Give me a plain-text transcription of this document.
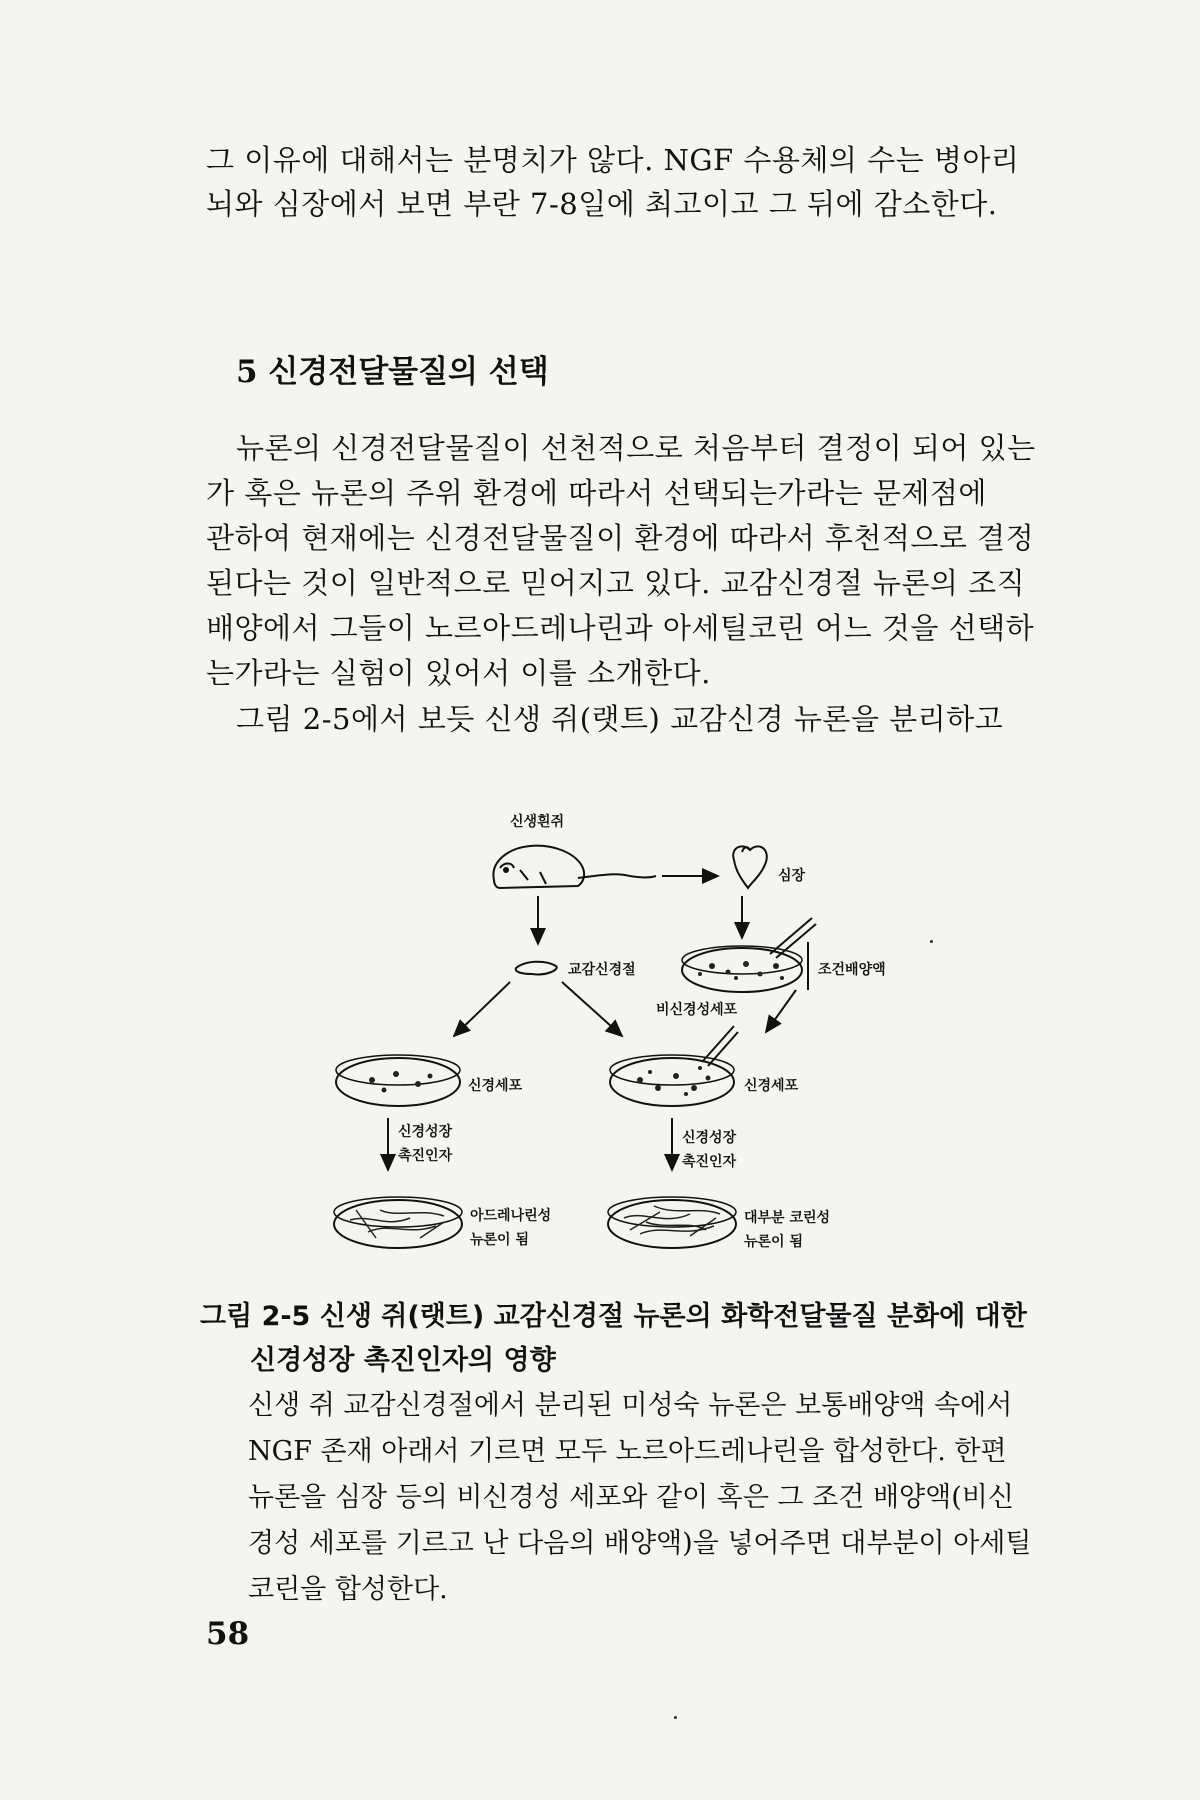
그 이유에 대해서는 분명치가 않다. NGF 수용체의 수는 병아리
뇌와 심장에서 보면 부란 7-8일에 최고이고 그 뒤에 감소한다.
5 신경전달물질의 선택
뉴론의 신경전달물질이 선천적으로 처음부터 결정이 되어 있는
가 혹은 뉴론의 주위 환경에 따라서 선택되는가라는 문제점에
관하여 현재에는 신경전달물질이 환경에 따라서 후천적으로 결정
된다는 것이 일반적으로 믿어지고 있다. 교감신경절 뉴론의 조직
배양에서 그들이 노르아드레나린과 아세틸코린 어느 것을 선택하
는가라는 실험이 있어서 이를 소개한다.
그림 2-5에서 보듯 신생 쥐(랫트) 교감신경 뉴론을 분리하고
신생흰쥐
심장
교감신경절	조건배양액
비신경성세포
신경세포	신경세포
신경성장
촉진인자
신경성장
촉진인자
아드레나린성
뉴론이 됨
대부분 코린성
뉴론이 됨
그림 2-5 신생 쥐(랫트) 교감신경절 뉴론의 화학전달물질 분화에 대한
신경성장 촉진인자의 영향
신생 쥐 교감신경절에서 분리된 미성숙 뉴론은 보통배양액 속에서
NGF 존재 아래서 기르면 모두 노르아드레나린을 합성한다. 한편
뉴론을 심장 등의 비신경성 세포와 같이 혹은 그 조건 배양액(비신
경성 세포를 기르고 난 다음의 배양액)을 넣어주면 대부분이 아세틸
코린을 합성한다.
58
